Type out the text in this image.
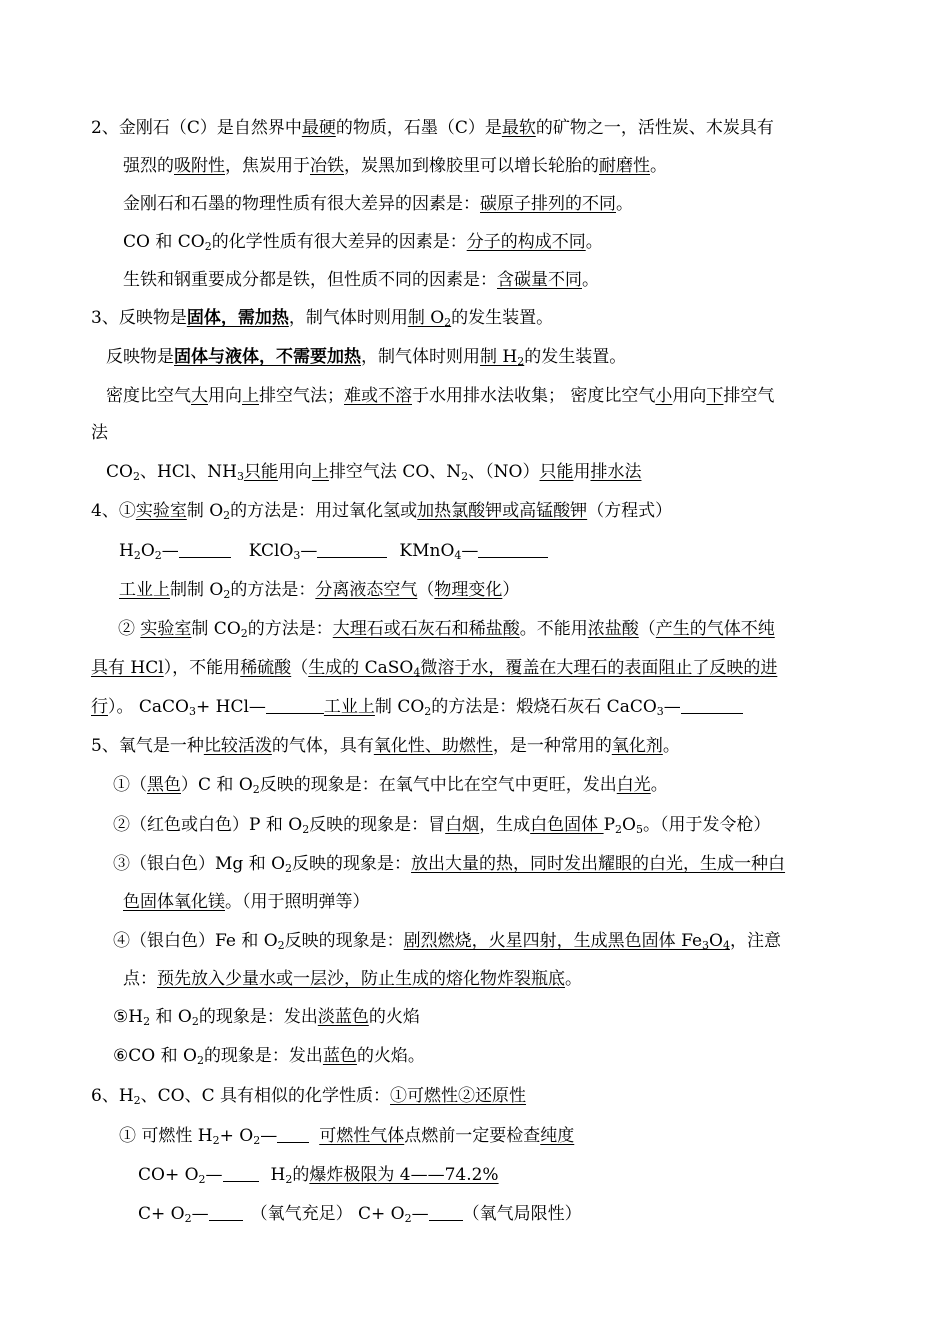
2、金刚石（C）是自然界中最硬的物质，石墨（C）是最软的矿物之一，活性炭、木炭具有
强烈的吸附性，焦炭用于冶铁，炭黑加到橡胶里可以增长轮胎的耐磨性。
金刚石和石墨的物理性质有很大差异的因素是：碳原子排列的不同。
CO 和 $CO_2$的化学性质有很大差异的因素是：分子的构成不同。
生铁和钢重要成分都是铁，但性质不同的因素是：含碳量不同。
3、反映物是固体，需加热，制气体时则用制 $O_2$的发生装置。
反映物是固体与液体，不需要加热，制气体时则用制 $H_2$的发生装置。
密度比空气大用向上排空气法；难或不溶于水用排水法收集； 密度比空气小用向下排空气
法
$CO_2$、HCl、$NH_3$只能用向上排空气法 CO、$N_2$、（NO）只能用排水法
4、①实验室制 $O_2$的方法是：用过氧化氢或加热氯酸钾或高锰酸钾（方程式）
$H_2O_2—$	KClO$_3$—	KMnO$_4$—
工业上制制 $O_2$的方法是：分离液态空气（物理变化）
② 实验室制 $CO_2$的方法是：大理石或石灰石和稀盐酸。不能用浓盐酸（产生的气体不纯
具有 HCl），不能用稀硫酸（生成的 CaSO$_4$微溶于水，覆盖在大理石的表面阻止了反映的进
行）。 CaCO$_3$+ HCl—	工业上制 $CO_2$的方法是：煅烧石灰石 CaCO$_3$—
5、氧气是一种比较活泼的气体，具有氧化性、助燃性，是一种常用的氧化剂。
①（黑色）C 和 $O_2$反映的现象是：在氧气中比在空气中更旺，发出白光。
②（红色或白色）P 和 $O_2$反映的现象是：冒白烟，生成白色固体 $P_2O_5$。（用于发令枪）
③（银白色）Mg 和 $O_2$反映的现象是：放出大量的热，同时发出耀眼的白光，生成一种白
色固体氧化镁。（用于照明弹等）
④（银白色）Fe 和 $O_2$反映的现象是：剧烈燃烧，火星四射，生成黑色固体 $Fe_3O_4$，注意
点：预先放入少量水或一层沙，防止生成的熔化物炸裂瓶底。
$⑤H_2$ 和 $O_2$的现象是：发出淡蓝色的火焰
⑥CO 和 $O_2$的现象是：发出蓝色的火焰。
6、$H_2$、CO、C 具有相似的化学性质：①可燃性②还原性
① 可燃性 $H_2+$ $O_2—$ 可燃性气体点燃前一定要检查纯度
$CO+ O_2—$	$H_2$的爆炸极限为 4——74.2%
$C+ O_2—$ （氧气充足） $C+ O_2—$ （氧气局限性）
